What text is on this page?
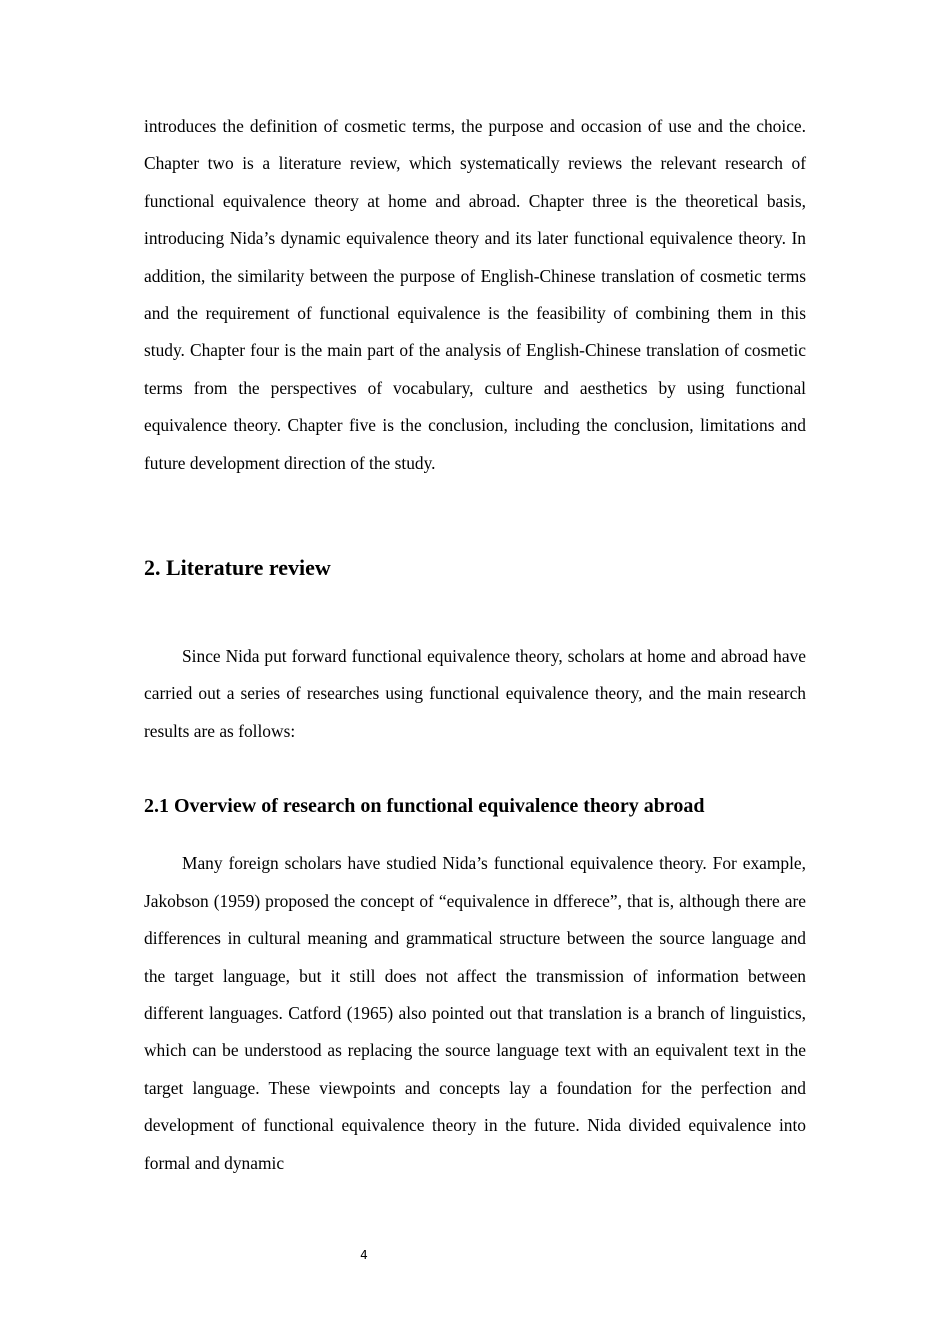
introduces the definition of cosmetic terms, the purpose and occasion of use and the choice. Chapter two is a literature review, which systematically reviews the relevant research of functional equivalence theory at home and abroad. Chapter three is the theoretical basis, introducing Nida’s dynamic equivalence theory and its later functional equivalence theory. In addition, the similarity between the purpose of English-Chinese translation of cosmetic terms and the requirement of functional equivalence is the feasibility of combining them in this study. Chapter four is the main part of the analysis of English-Chinese translation of cosmetic terms from the perspectives of vocabulary, culture and aesthetics by using functional equivalence theory. Chapter five is the conclusion, including the conclusion, limitations and future development direction of the study.

2. Literature review

Since Nida put forward functional equivalence theory, scholars at home and abroad have carried out a series of researches using functional equivalence theory, and the main research results are as follows:

2.1 Overview of research on functional equivalence theory abroad

Many foreign scholars have studied Nida’s functional equivalence theory. For example, Jakobson (1959) proposed the concept of “equivalence in dfferece”, that is, although there are differences in cultural meaning and grammatical structure between the source language and the target language, but it still does not affect the transmission of information between different languages. Catford (1965) also pointed out that translation is a branch of linguistics, which can be understood as replacing the source language text with an equivalent text in the target language. These viewpoints and concepts lay a foundation for the perfection and development of functional equivalence theory in the future. Nida divided equivalence into formal and dynamic

4
